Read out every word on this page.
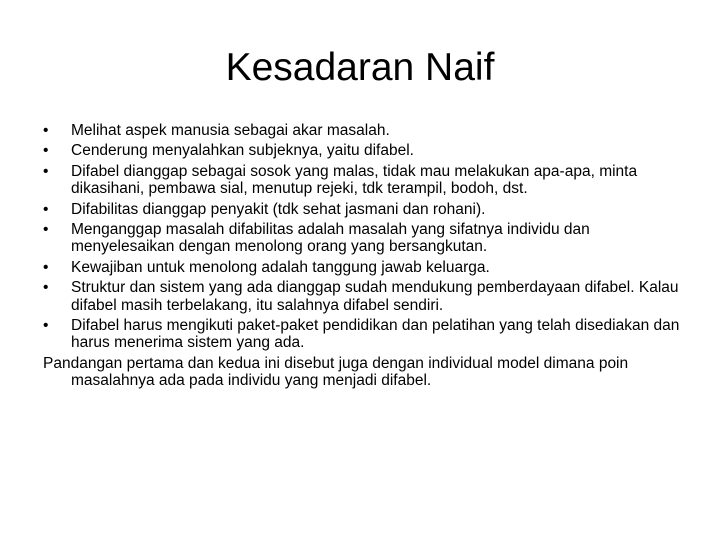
Kesadaran Naif
•	Melihat aspek manusia sebagai akar masalah.
•	Cenderung menyalahkan subjeknya, yaitu difabel.
•	Difabel dianggap sebagai sosok yang malas, tidak mau melakukan apa-apa, minta dikasihani, pembawa sial, menutup rejeki, tdk terampil, bodoh, dst.
•	Difabilitas dianggap penyakit (tdk sehat jasmani dan rohani).
•	Menganggap masalah difabilitas adalah masalah yang sifatnya individu dan menyelesaikan dengan menolong orang yang bersangkutan.
•	Kewajiban untuk menolong adalah tanggung jawab keluarga.
•	Struktur dan sistem yang ada dianggap sudah mendukung pemberdayaan difabel. Kalau difabel masih terbelakang, itu salahnya difabel sendiri.
•	Difabel harus mengikuti paket-paket pendidikan dan pelatihan yang telah disediakan dan harus menerima sistem yang ada.

Pandangan pertama dan kedua ini disebut juga dengan individual model dimana poin masalahnya ada pada individu yang menjadi difabel.
